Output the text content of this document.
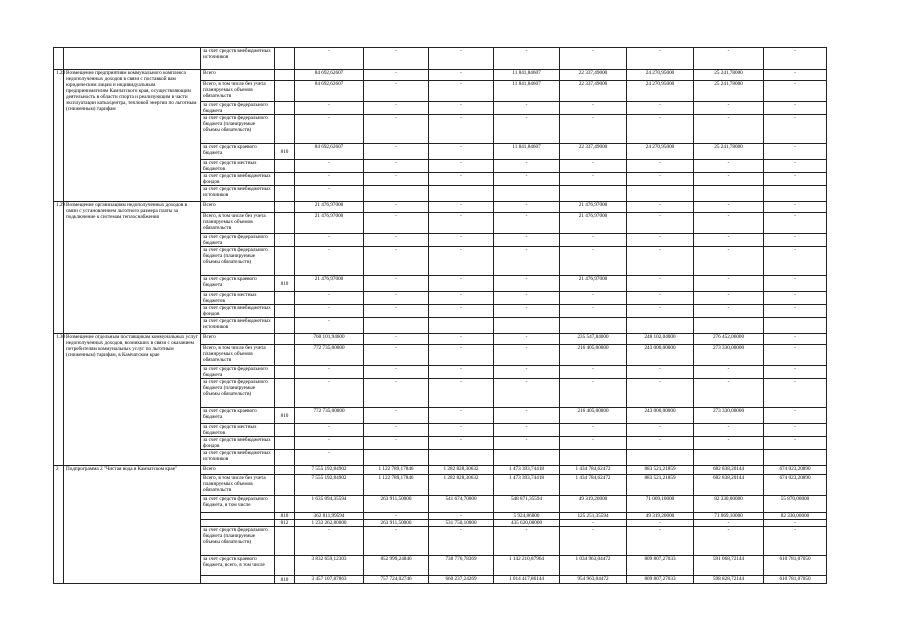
		за счет средств внебюджетных источников		-	-	-	-	-	-	-	-
1.28	Возмещение предприятиям коммунального комплекса недополученных доходов в связи с поставкой вам юридическим лицам и индивидуальным предпринимателям Камчатского края, осуществляющим деятельность в области спорта и реализующим в части эксплуатации катка/центра, тепловой энергии по льготным (сниженным) тарифам	Всего		84 692,62607	-	-	11 841,84607	22 337,49000	24 270,95000	25 241,78000	-
		Всего, в том числе без учета планируемых объемов обязательств		84 692,62607	-	-	11 841,84607	22 337,49000	24 270,95000	25 241,78000	-
		за счет средств федерального бюджета		-	-	-	-	-	-	-	-
		за счет средств федерального бюджета (планируемые объемы обязательств)		-	-	-	-	-	-	-	-
		за счет средств краевого бюджета	810	84 692,62607	-	-	11 841,84607	22 337,49000	24 270,95000	25 241,78000	-
		за счет средств местных бюджетов		-	-	-	-	-	-	-	-
		за счет средств внебюджетных фондов		-	-	-	-	-	-	-	-
		за счет средств внебюджетных источников		-							
1.29	Возмещение организациям недополученных доходов в связи с установлением льготного размера платы за подключение к системам теплоснабжения	Всего		21 476,97000	-	-	-	21 476,97000	-	-	-
		Всего, в том числе без учета планируемых объемов обязательств		21 476,97000	-	-	-	21 476,97000	-	-	-
		за счет средств федерального бюджета		-	-	-	-	-	-	-	-
		за счет средств федерального бюджета (планируемые объемы обязательств)		-	-	-	-	-	-	-	-
		за счет средств краевого бюджета	810	21 476,97000	-	-	-	21 476,97000	-	-	-
		за счет средств местных бюджетов		-	-	-	-	-	-	-	-
		за счет средств внебюджетных фондов		-	-	-	-	-	-	-	-
		за счет средств внебюджетных источников		-							
1.30	Возмещение отдельным поставщикам коммунальных услуг недополученных доходов, возникших в связи с оказанием потребителям коммунальных услуг по льготным (сниженным) тарифам, в Камчатском крае	Всего		760 101,94600	-	-	-	235 547,84000	248 102,04000	276 452,06000	-
		Всего, в том числе без учета планируемых объемов обязательств		772 735,00000	-	-	-	216 405,00000	243 000,00000	273 330,00000	-
		за счет средств федерального бюджета		-	-	-	-	-	-	-	-
		за счет средств федерального бюджета (планируемые объемы обязательств)		-	-	-	-	-	-	-	-
		за счет средств краевого бюджета	810	772 735,00000	-	-	-	216 405,00000	243 000,00000	273 330,00000	-
		за счет средств местных бюджетов		-	-	-	-	-	-	-	-
		за счет средств внебюджетных фондов		-	-	-	-	-	-	-	-
		за счет средств внебюджетных источников		-							
2	Подпрограмма 2 "Чистая вода в Камчатском крае"	Всего		7 555 192,84902	1 122 789,17846	1 282 828,30632	1 473 393,74418	1 434 784,62472	883 521,21859	682 838,20144	674 023,20890
		Всего, в том числе без учета планируемых объемов обязательств		7 555 192,84902	1 122 789,17846	1 282 828,30632	1 473 393,74418	1 434 784,62472	883 521,21859	682 838,20144	674 023,20890
		за счет средств федерального бюджета, в том числе		1 635 094,35594	263 911,50000	541 674,70000	548 871,35594	49 319,20000	71 069,10000	82 330,00000	55 870,00000
			810	362 811,99594	-	-	5 924,86000	125 251,35594	49 319,20000	71 069,10000	82 330,00000
			812	1 233 262,80000	263 911,50000	531 750,10000	435 620,00000	-	-	-	-
		за счет средств федерального бюджета (планируемые объемы обязательств)		-	-	-	-	-	-	-	-
		за счет средств краевого бюджета, всего, в том числе		3 832 659,12303	852 999,24846	738 776,78369	1 142 210,87964	1 034 963,04472	809 807,27033	591 068,72144	610 781,07050
			810	3 457 107,87863	757 724,02746	660 237,24269	1 014 417,86144	954 963,04472	809 807,27033	598 828,72144	610 781,07050
